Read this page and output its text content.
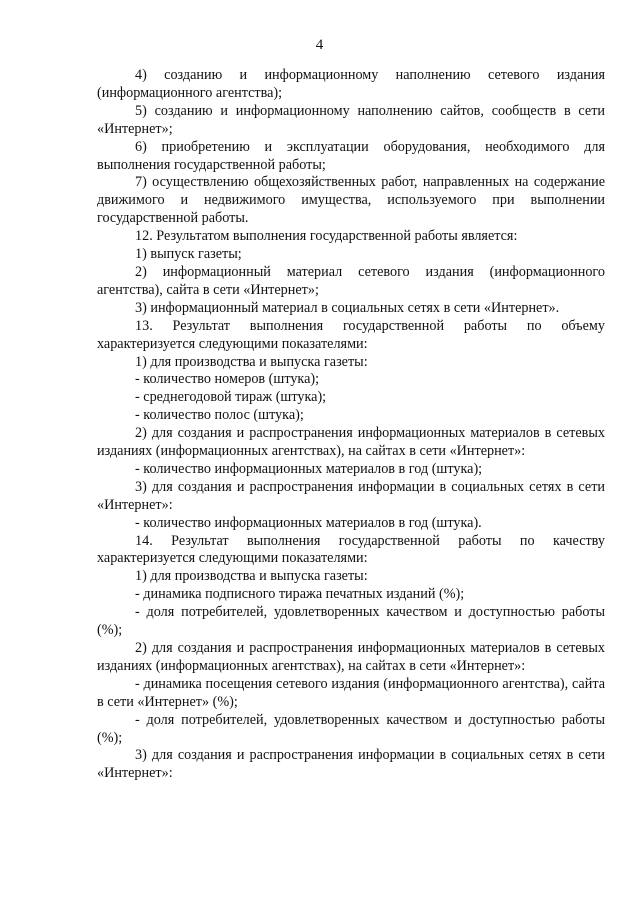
4

4) созданию и информационному наполнению сетевого издания (информационного агентства);

5) созданию и информационному наполнению сайтов, сообществ в сети «Интернет»;

6) приобретению и эксплуатации оборудования, необходимого для выполнения государственной работы;

7) осуществлению общехозяйственных работ, направленных на содержание движимого и недвижимого имущества, используемого при выполнении государственной работы.

12. Результатом выполнения государственной работы является:

1) выпуск газеты;

2) информационный материал сетевого издания (информационного агентства), сайта в сети «Интернет»;

3) информационный материал в социальных сетях в сети «Интернет».

13. Результат выполнения государственной работы по объему характеризуется следующими показателями:

1) для производства и выпуска газеты:

- количество номеров (штука);

- среднегодовой тираж (штука);

- количество полос (штука);

2) для создания и распространения информационных материалов в сетевых изданиях (информационных агентствах), на сайтах в сети «Интернет»:

- количество информационных материалов в год (штука);

3) для создания и распространения информации в социальных сетях в сети «Интернет»:

- количество информационных материалов в год (штука).

14. Результат выполнения государственной работы по качеству характеризуется следующими показателями:

1) для производства и выпуска газеты:

- динамика подписного тиража печатных изданий (%);

- доля потребителей, удовлетворенных качеством и доступностью работы (%);

2) для создания и распространения информационных материалов в сетевых изданиях (информационных агентствах), на сайтах в сети «Интернет»:

- динамика посещения сетевого издания (информационного агентства), сайта в сети «Интернет» (%);

- доля потребителей, удовлетворенных качеством и доступностью работы (%);

3) для создания и распространения информации в социальных сетях в сети «Интернет»:
